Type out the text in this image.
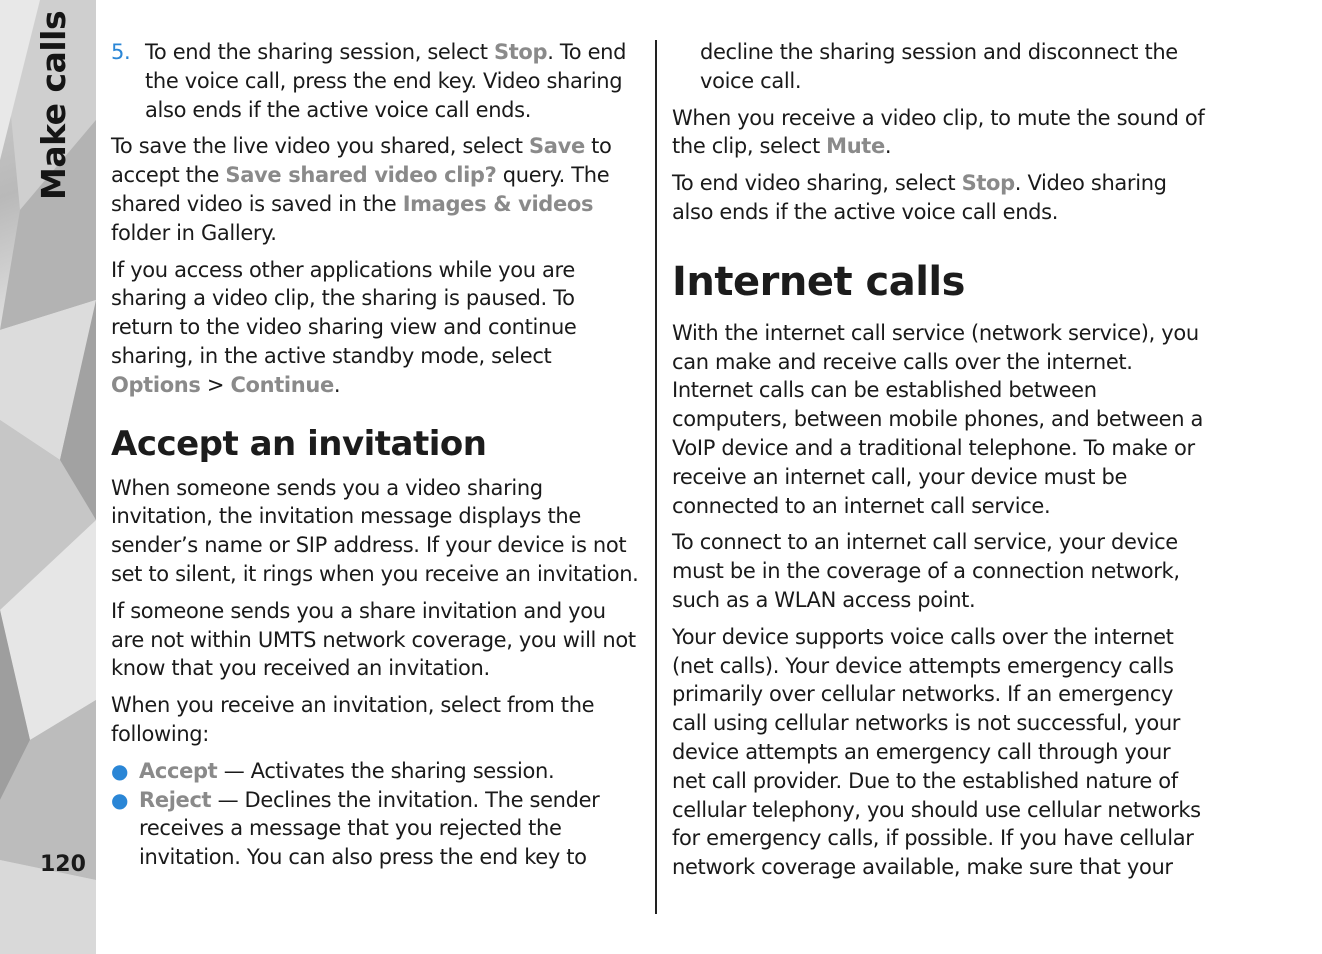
Make calls
120
5. To end the sharing session, select Stop. To end the voice call, press the end key. Video sharing also ends if the active voice call ends.

To save the live video you shared, select Save to accept the Save shared video clip? query. The shared video is saved in the Images & videos folder in Gallery.

If you access other applications while you are sharing a video clip, the sharing is paused. To return to the video sharing view and continue sharing, in the active standby mode, select Options > Continue.

Accept an invitation

When someone sends you a video sharing invitation, the invitation message displays the sender’s name or SIP address. If your device is not set to silent, it rings when you receive an invitation.

If someone sends you a share invitation and you are not within UMTS network coverage, you will not know that you received an invitation.

When you receive an invitation, select from the following:

● Accept — Activates the sharing session.
● Reject — Declines the invitation. The sender receives a message that you rejected the invitation. You can also press the end key to

decline the sharing session and disconnect the voice call.

When you receive a video clip, to mute the sound of the clip, select Mute.

To end video sharing, select Stop. Video sharing also ends if the active voice call ends.

Internet calls

With the internet call service (network service), you can make and receive calls over the internet. Internet calls can be established between computers, between mobile phones, and between a VoIP device and a traditional telephone. To make or receive an internet call, your device must be connected to an internet call service.

To connect to an internet call service, your device must be in the coverage of a connection network, such as a WLAN access point.

Your device supports voice calls over the internet (net calls). Your device attempts emergency calls primarily over cellular networks. If an emergency call using cellular networks is not successful, your device attempts an emergency call through your net call provider. Due to the established nature of cellular telephony, you should use cellular networks for emergency calls, if possible. If you have cellular network coverage available, make sure that your
